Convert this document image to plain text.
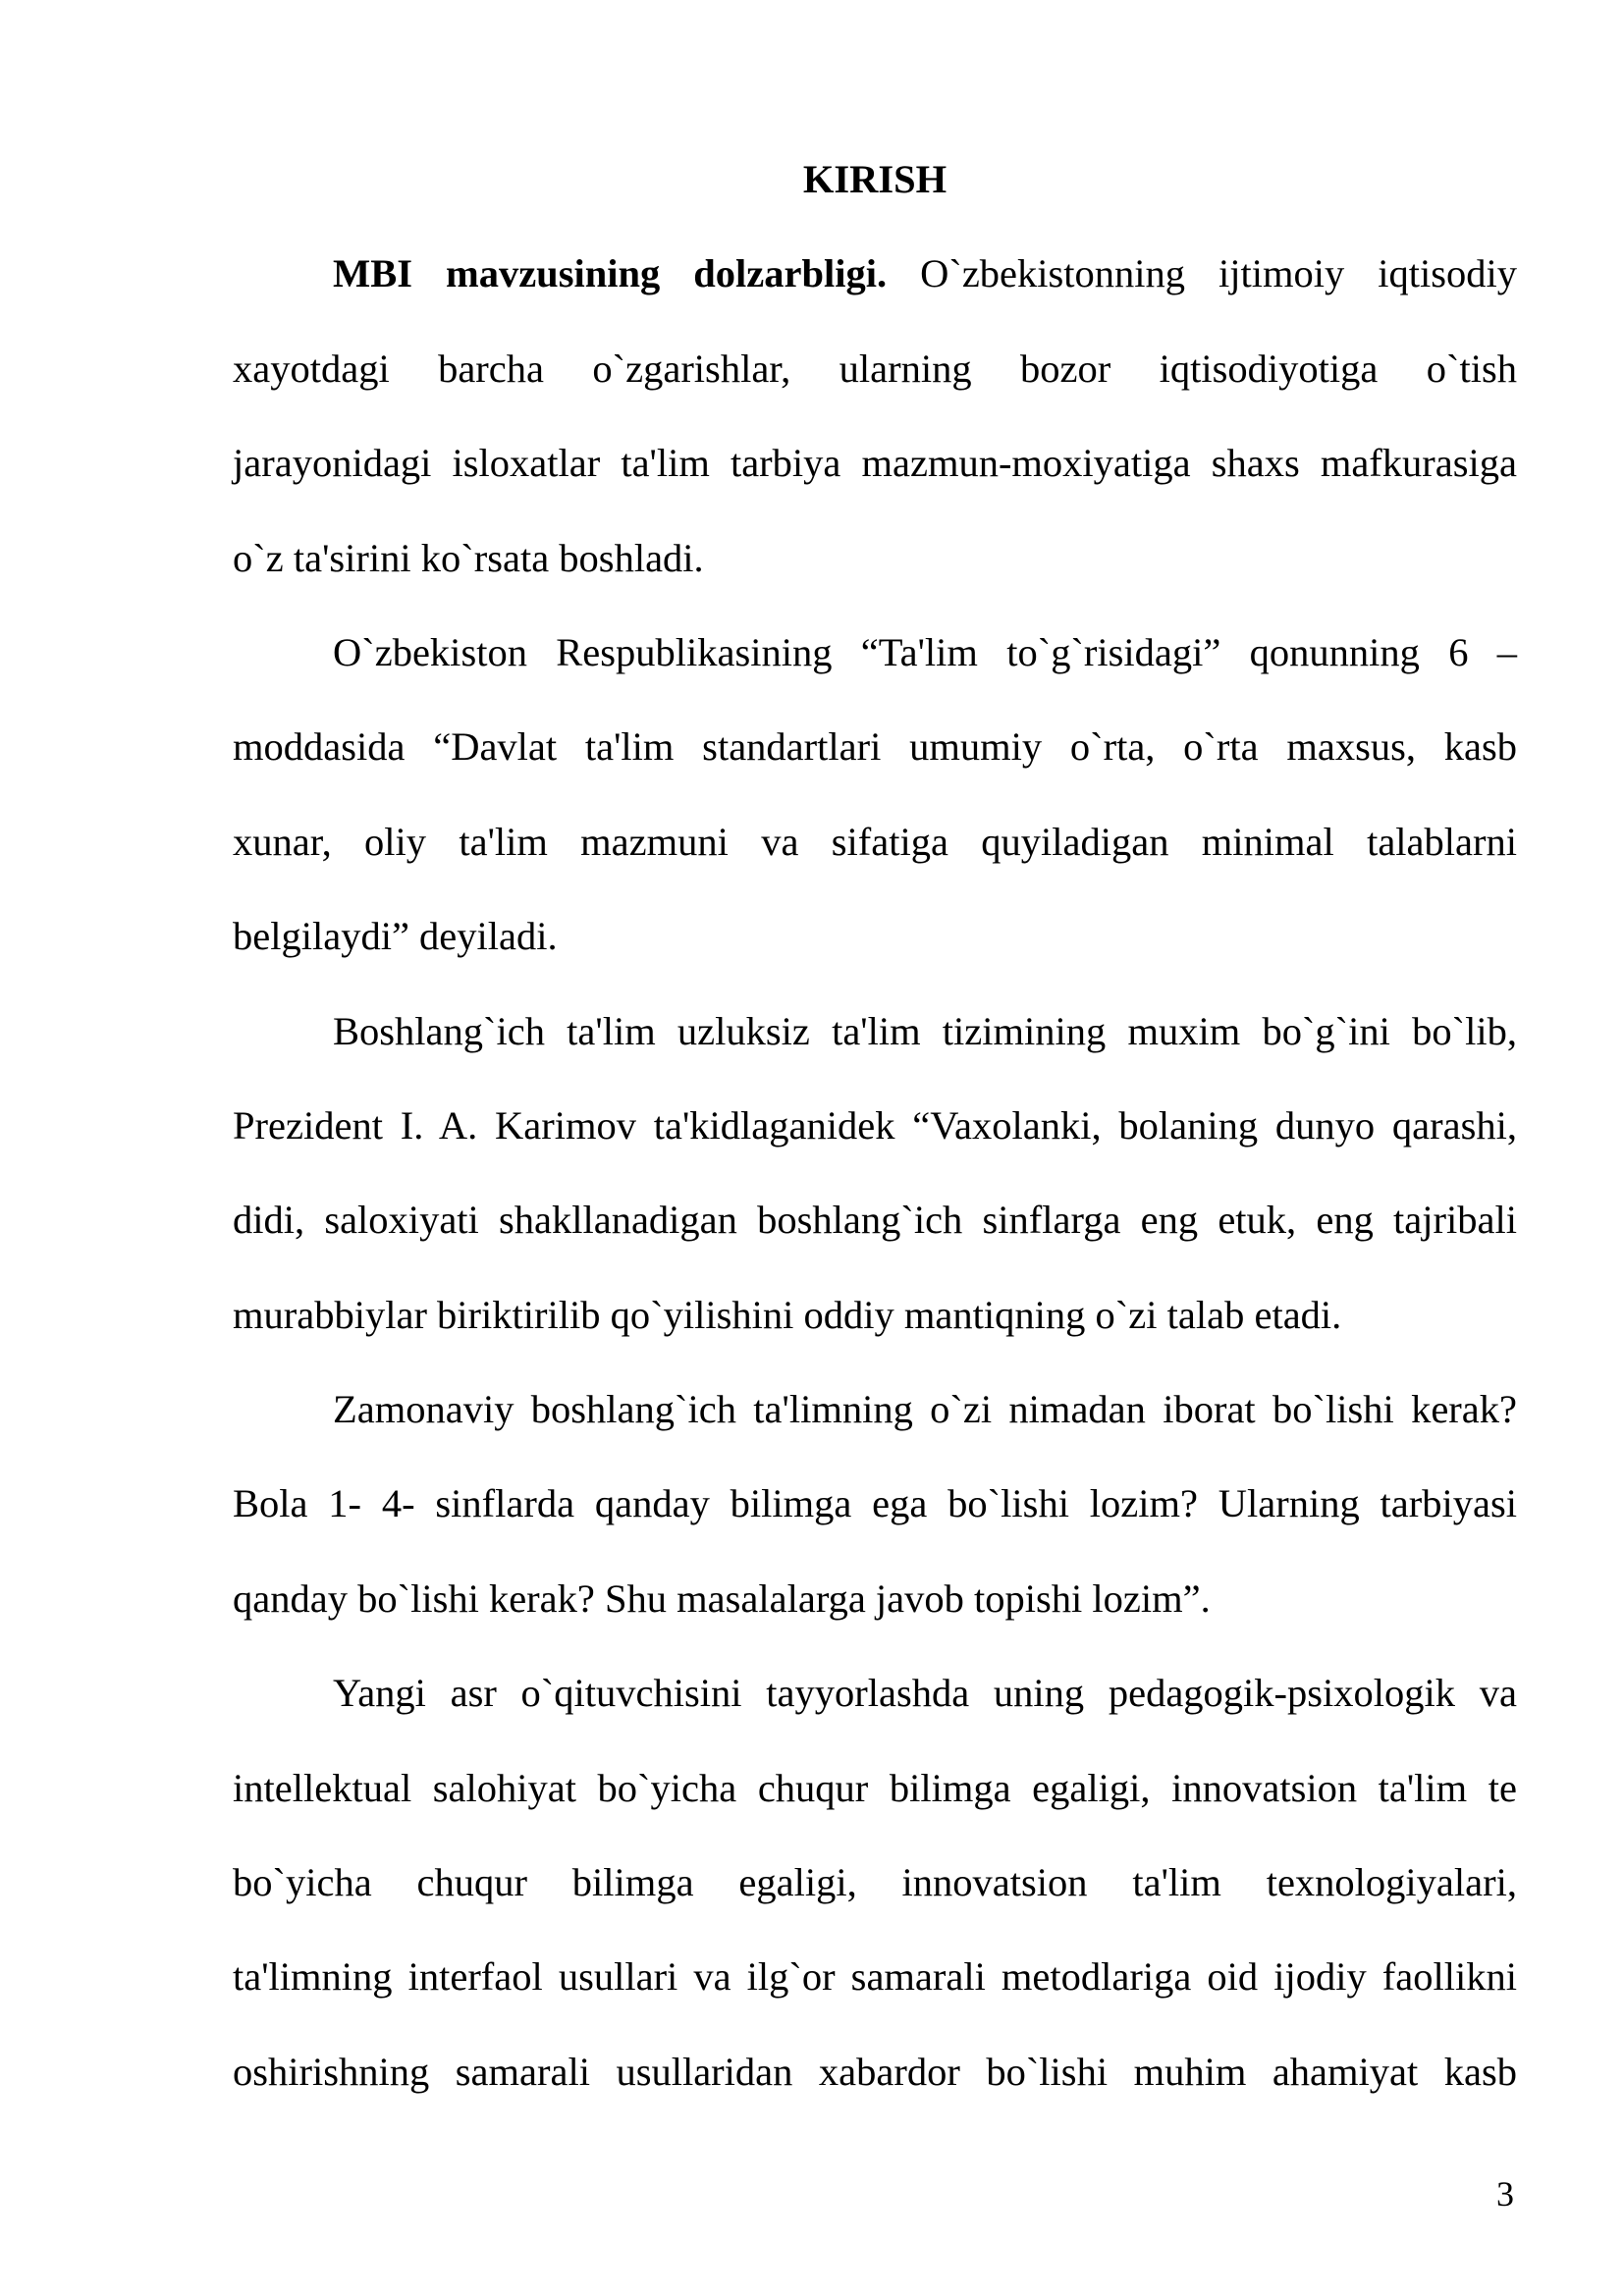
KIRISH
MBI mavzusining dolzarbligi. O`zbekistonning ijtimoiy iqtisodiy
xayotdagi barcha o`zgarishlar, ularning bozor iqtisodiyotiga o`tish
jarayonidagi isloxatlar ta'lim tarbiya mazmun-moxiyatiga shaxs mafkurasiga
o`z ta'sirini ko`rsata boshladi.
O`zbekiston Respublikasining “Ta'lim to`g`risidagi” qonunning 6 –
moddasida “Davlat ta'lim standartlari umumiy o`rta, o`rta maxsus, kasb
xunar, oliy ta'lim mazmuni va sifatiga quyiladigan minimal talablarni
belgilaydi” deyiladi.
Boshlang`ich ta'lim uzluksiz ta'lim tizimining muxim bo`g`ini bo`lib,
Prezident I. A. Karimov ta'kidlaganidek “Vaxolanki, bolaning dunyo qarashi,
didi, saloxiyati shakllanadigan boshlang`ich sinflarga eng etuk, eng tajribali
murabbiylar biriktirilib qo`yilishini oddiy mantiqning o`zi talab etadi.
Zamonaviy boshlang`ich ta'limning o`zi nimadan iborat bo`lishi kerak?
Bola 1- 4- sinflarda qanday bilimga ega bo`lishi lozim? Ularning tarbiyasi
qanday bo`lishi kerak? Shu masalalarga javob topishi lozim”.
Yangi asr o`qituvchisini tayyorlashda uning pedagogik-psixologik va
intellektual salohiyat bo`yicha chuqur bilimga egaligi, innovatsion ta'lim te
bo`yicha chuqur bilimga egaligi, innovatsion ta'lim texnologiyalari,
ta'limning interfaol usullari va ilg`or samarali metodlariga oid ijodiy faollikni
oshirishning samarali usullaridan xabardor bo`lishi muhim ahamiyat kasb
3
